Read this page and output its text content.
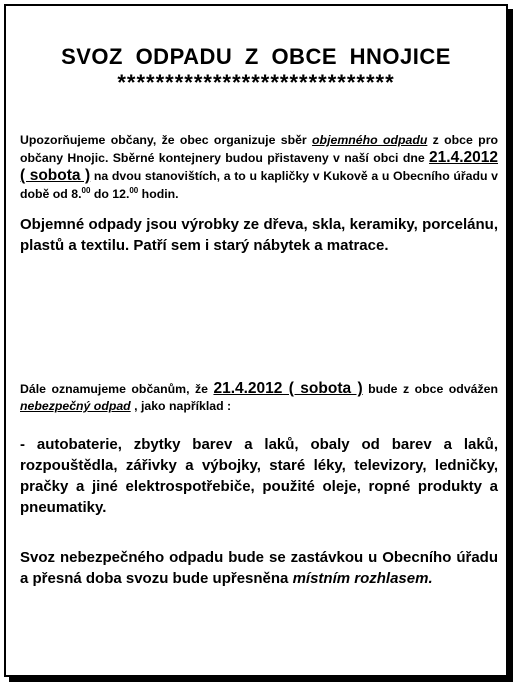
SVOZ ODPADU Z OBCE HNOJICE
*****************************
Upozorňujeme občany, že obec organizuje sběr objemného odpadu z obce pro občany Hnojic. Sběrné kontejnery budou přistaveny v naší obci dne 21.4.2012 ( sobota ) na dvou stanovištích, a to u kapličky v Kukově a u Obecního úřadu v době od 8.00 do 12.00 hodin.
Objemné odpady jsou výrobky ze dřeva, skla, keramiky, porcelánu, plastů a textilu. Patří sem i starý nábytek a matrace.
Dále oznamujeme občanům, že 21.4.2012 ( sobota ) bude z obce odvážen nebezpečný odpad , jako například :
- autobaterie, zbytky barev a laků, obaly od barev a laků, rozpouštědla, zářivky a výbojky, staré léky, televizory, ledničky, pračky a jiné elektrospotřebiče, použité oleje, ropné produkty a pneumatiky.
Svoz nebezpečného odpadu bude se zastávkou u Obecního úřadu a přesná doba svozu bude upřesněna místním rozhlasem.
